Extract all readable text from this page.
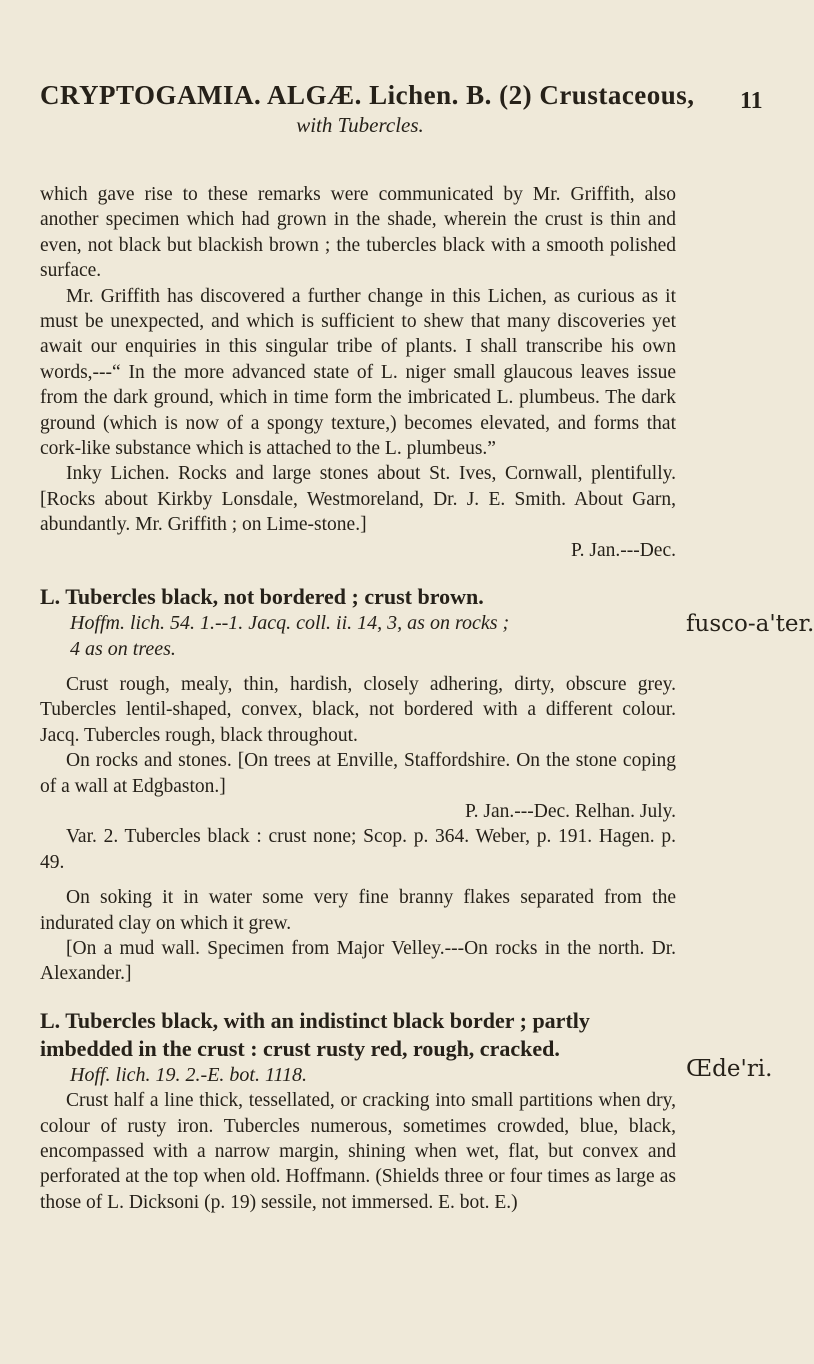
CRYPTOGAMIA. ALGÆ. Lichen. B. (2) Crustaceous,
with Tubercles.
11

which gave rise to these remarks were communicated by Mr. Griffith, also another specimen which had grown in the shade, wherein the crust is thin and even, not black but blackish brown ; the tubercles black with a smooth polished surface.

Mr. Griffith has discovered a further change in this Lichen, as curious as it must be unexpected, and which is sufficient to shew that many discoveries yet await our enquiries in this singular tribe of plants. I shall transcribe his own words,---“ In the more advanced state of L. niger small glaucous leaves issue from the dark ground, which in time form the imbricated L. plumbeus. The dark ground (which is now of a spongy texture,) becomes elevated, and forms that cork-like substance which is attached to the L. plumbeus.”

Inky Lichen. Rocks and large stones about St. Ives, Cornwall, plentifully. [Rocks about Kirkby Lonsdale, Westmoreland, Dr. J. E. Smith. About Garn, abundantly. Mr. Griffith ; on Lime-stone.]

P. Jan.---Dec.

L. Tubercles black, not bordered ; crust brown.

Hoffm. lich. 54. 1.--1. Jacq. coll. ii. 14, 3, as on rocks ;

4 as on trees.

Crust rough, mealy, thin, hardish, closely adhering, dirty, obscure grey. Tubercles lentil-shaped, convex, black, not bordered with a different colour. Jacq. Tubercles rough, black throughout.

On rocks and stones. [On trees at Enville, Staffordshire. On the stone coping of a wall at Edgbaston.]

P. Jan.---Dec. Relhan. July.

Var. 2. Tubercles black : crust none; Scop. p. 364. Weber, p. 191. Hagen. p. 49.

On soking it in water some very fine branny flakes separated from the indurated clay on which it grew.

[On a mud wall. Specimen from Major Velley.---On rocks in the north. Dr. Alexander.]

L. Tubercles black, with an indistinct black border ; partly imbedded in the crust : crust rusty red, rough, cracked.

Hoff. lich. 19. 2.-E. bot. 1118.

Crust half a line thick, tessellated, or cracking into small partitions when dry, colour of rusty iron. Tubercles numerous, sometimes crowded, blue, black, encompassed with a narrow margin, shining when wet, flat, but convex and perforated at the top when old. Hoffmann. (Shields three or four times as large as those of L. Dicksoni (p. 19) sessile, not immersed. E. bot. E.)

fusco-a'ter.
Œde'ri.
